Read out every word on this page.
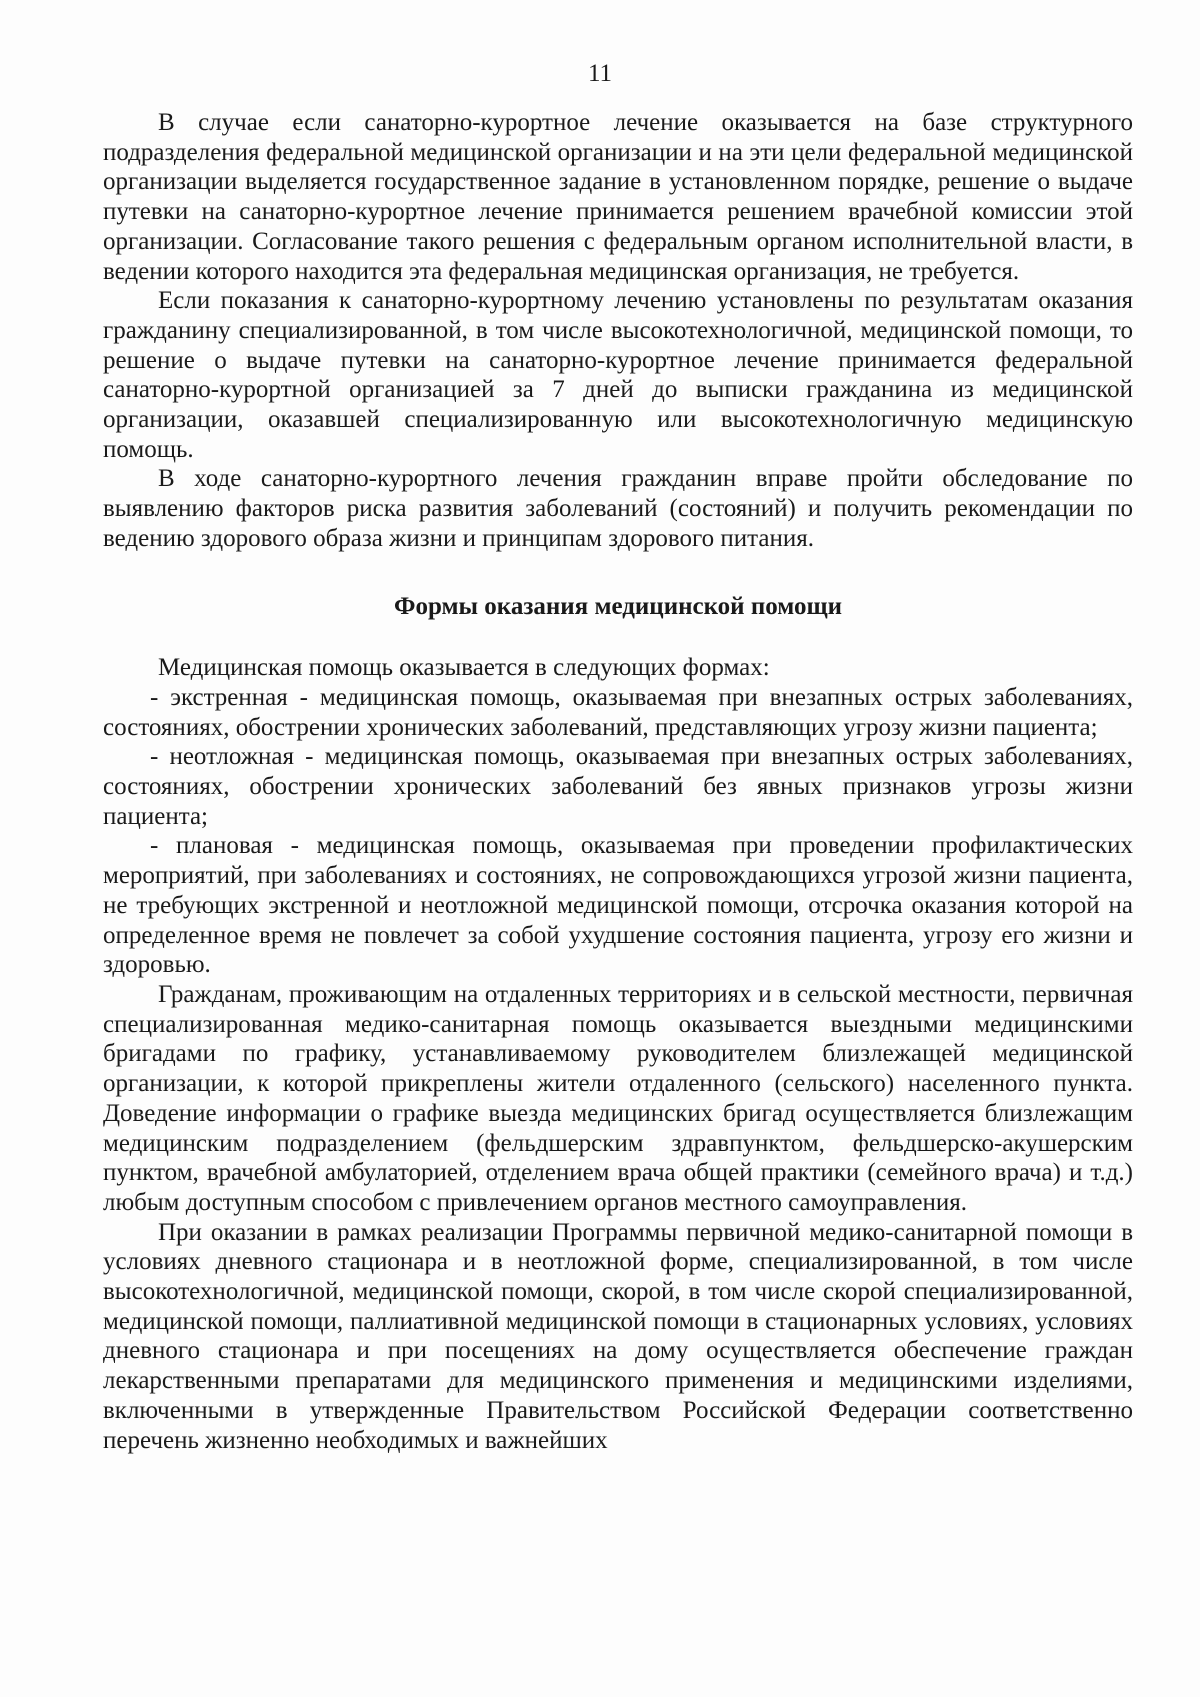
11

В случае если санаторно-курортное лечение оказывается на базе структурного подразделения федеральной медицинской организации и на эти цели федеральной медицинской организации выделяется государственное задание в установленном порядке, решение о выдаче путевки на санаторно-курортное лечение принимается решением врачебной комиссии этой организации. Согласование такого решения с федеральным органом исполнительной власти, в ведении которого находится эта федеральная медицинская организация, не требуется.

Если показания к санаторно-курортному лечению установлены по результатам оказания гражданину специализированной, в том числе высокотехнологичной, медицинской помощи, то решение о выдаче путевки на санаторно-курортное лечение принимается федеральной санаторно-курортной организацией за 7 дней до выписки гражданина из медицинской организации, оказавшей специализированную или высокотехнологичную медицинскую помощь.

В ходе санаторно-курортного лечения гражданин вправе пройти обследование по выявлению факторов риска развития заболеваний (состояний) и получить рекомендации по ведению здорового образа жизни и принципам здорового питания.

Формы оказания медицинской помощи

Медицинская помощь оказывается в следующих формах:

- экстренная - медицинская помощь, оказываемая при внезапных острых заболеваниях, состояниях, обострении хронических заболеваний, представляющих угрозу жизни пациента;

- неотложная - медицинская помощь, оказываемая при внезапных острых заболеваниях, состояниях, обострении хронических заболеваний без явных признаков угрозы жизни пациента;

- плановая - медицинская помощь, оказываемая при проведении профилактических мероприятий, при заболеваниях и состояниях, не сопровождающихся угрозой жизни пациента, не требующих экстренной и неотложной медицинской помощи, отсрочка оказания которой на определенное время не повлечет за собой ухудшение состояния пациента, угрозу его жизни и здоровью.

Гражданам, проживающим на отдаленных территориях и в сельской местности, первичная специализированная медико-санитарная помощь оказывается выездными медицинскими бригадами по графику, устанавливаемому руководителем близлежащей медицинской организации, к которой прикреплены жители отдаленного (сельского) населенного пункта. Доведение информации о графике выезда медицинских бригад осуществляется близлежащим медицинским подразделением (фельдшерским здравпунктом, фельдшерско-акушерским пунктом, врачебной амбулаторией, отделением врача общей практики (семейного врача) и т.д.) любым доступным способом с привлечением органов местного самоуправления.

При оказании в рамках реализации Программы первичной медико-санитарной помощи в условиях дневного стационара и в неотложной форме, специализированной, в том числе высокотехнологичной, медицинской помощи, скорой, в том числе скорой специализированной, медицинской помощи, паллиативной медицинской помощи в стационарных условиях, условиях дневного стационара и при посещениях на дому осуществляется обеспечение граждан лекарственными препаратами для медицинского применения и медицинскими изделиями, включенными в утвержденные Правительством Российской Федерации соответственно перечень жизненно необходимых и важнейших
